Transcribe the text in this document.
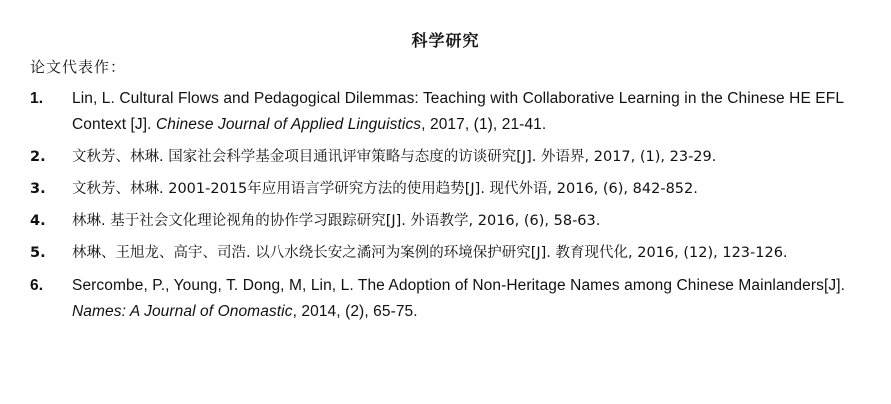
科学研究
论文代表作：
1.	Lin, L. Cultural Flows and Pedagogical Dilemmas: Teaching with Collaborative Learning in the Chinese HE EFL Context [J]. Chinese Journal of Applied Linguistics, 2017, (1), 21-41.
2.	文秋芳、林琳. 国家社会科学基金项目通讯评审策略与态度的访谈研究[J]. 外语界, 2017, (1), 23-29.
3.	文秋芳、林琳. 2001-2015年应用语言学研究方法的使用趋势[J]. 现代外语, 2016, (6), 842-852.
4.	林琳. 基于社会文化理论视角的协作学习跟踪研究[J]. 外语教学, 2016, (6), 58-63.
5.	林琳、王旭龙、高宇、司浩. 以八水绕长安之潏河为案例的环境保护研究[J]. 教育现代化, 2016, (12), 123-126.
6.	Sercombe, P., Young, T. Dong, M, Lin, L. The Adoption of Non-Heritage Names among Chinese Mainlanders[J]. Names: A Journal of Onomastic, 2014, (2), 65-75.
